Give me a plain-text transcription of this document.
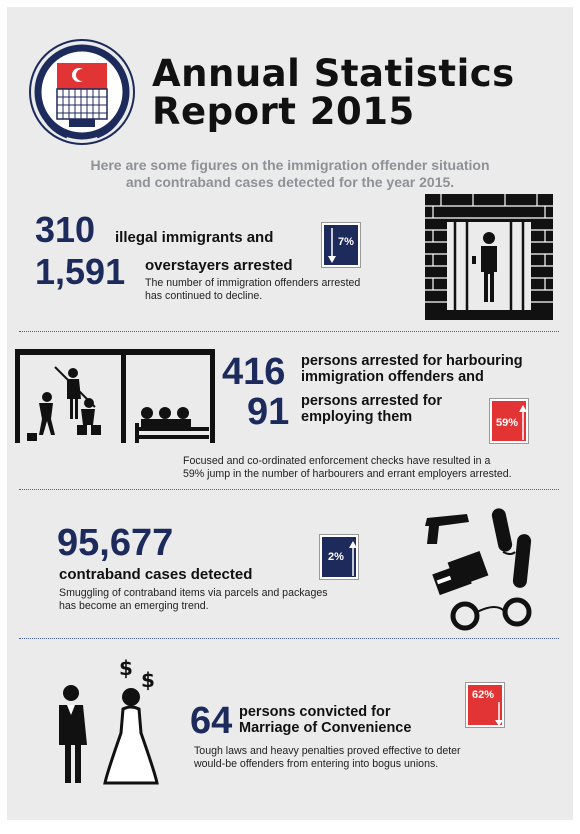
Annual Statistics
Report 2015
Here are some figures on the immigration offender situation
and contraband cases detected for the year 2015.
310 illegal immigrants and
1,591 overstayers arrested
The number of immigration offenders arrested
has continued to decline.
7%
416 persons arrested for harbouring
immigration offenders and
91 persons arrested for
employing them	59%
Focused and co-ordinated enforcement checks have resulted in a
59% jump in the number of harbourers and errant employers arrested.
95,677
contraband cases detected
Smuggling of contraband items via parcels and packages
has become an emerging trend.
2%
$ $
64 persons convicted for
Marriage of Convenience
62%
Tough laws and heavy penalties proved effective to deter
would-be offenders from entering into bogus unions.
